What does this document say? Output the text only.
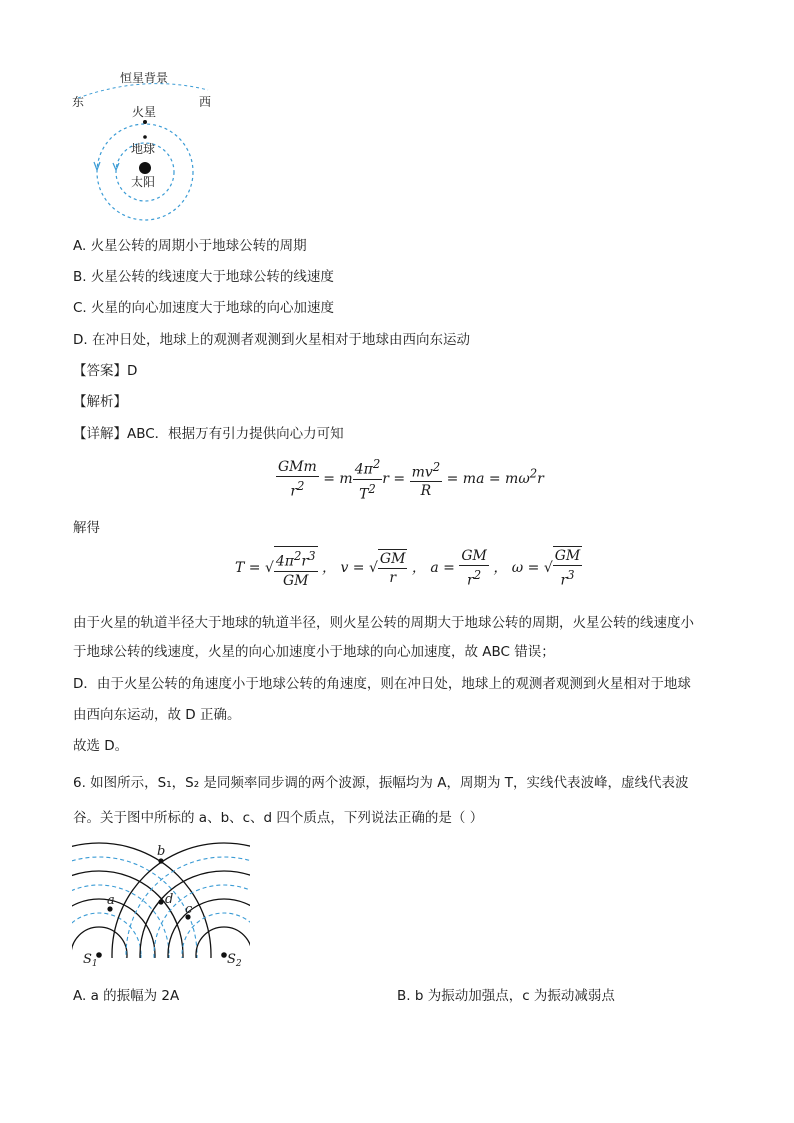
恒星背景
东	西
火星
地球
太阳
A. 火星公转的周期小于地球公转的周期
B. 火星公转的线速度大于地球公转的线速度
C. 火星的向心加速度大于地球的向心加速度
D. 在冲日处，地球上的观测者观测到火星相对于地球由西向东运动
【答案】D
【解析】
【详解】ABC．根据万有引力提供向心力可知
$\frac{\text{GMm}}{r^2} = m \frac{4\pi^2}{T^2}$ $r = \frac{mv^2}{R}$ = ma = $m\omega^2r$
解得
T = √ $\frac{4\pi^2r^3}{GM}$ ， v = √ $\frac{GM}{r}$ ， $a = \frac{GM}{r^2}$ ， ω = √ $\frac{GM}{r^3}$
由于火星的轨道半径大于地球的轨道半径，则火星公转的周期大于地球公转的周期，火星公转的线速度小
于地球公转的线速度，火星的向心加速度小于地球的向心加速度，故 ABC 错误；
D．由于火星公转的角速度小于地球公转的角速度，则在冲日处，地球上的观测者观测到火星相对于地球
由西向东运动，故 D 正确。
故选 D。
6. 如图所示，S₁，S₂ 是同频率同步调的两个波源，振幅均为 A，周期为 T，实线代表波峰，虚线代表波
谷。关于图中所标的 a、b、c、d 四个质点，下列说法正确的是（ ）
b
a	d
c
$S_1$	$S_2$
A. a 的振幅为 2A	B. b 为振动加强点，c 为振动减弱点
